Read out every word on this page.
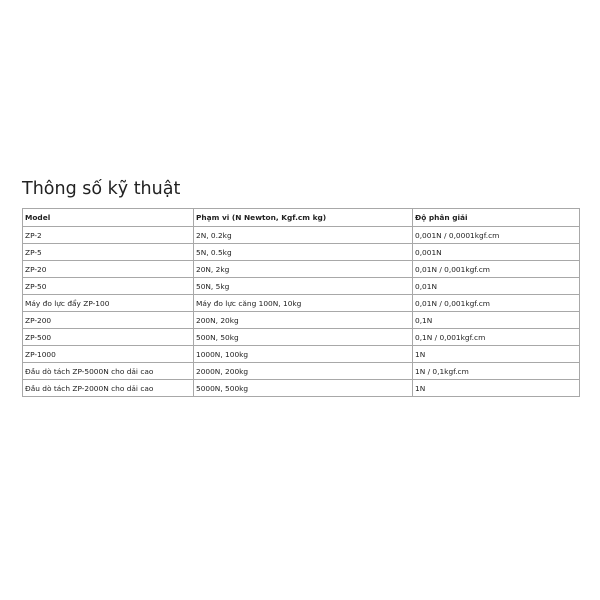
Thông số kỹ thuật
Model	Phạm vi (N Newton, Kgf.cm kg)	Độ phân giải
ZP-2	2N, 0.2kg	0,001N / 0,0001kgf.cm
ZP-5	5N, 0.5kg	0,001N
ZP-20	20N, 2kg	0,01N / 0,001kgf.cm
ZP-50	50N, 5kg	0,01N
Máy đo lực đẩy ZP-100	Máy đo lực căng 100N, 10kg	0,01N / 0,001kgf.cm
ZP-200	200N, 20kg	0,1N
ZP-500	500N, 50kg	0,1N / 0,001kgf.cm
ZP-1000	1000N, 100kg	1N
Đầu dò tách ZP-5000N cho dải cao	2000N, 200kg	1N / 0,1kgf.cm
Đầu dò tách ZP-2000N cho dải cao	5000N, 500kg	1N
